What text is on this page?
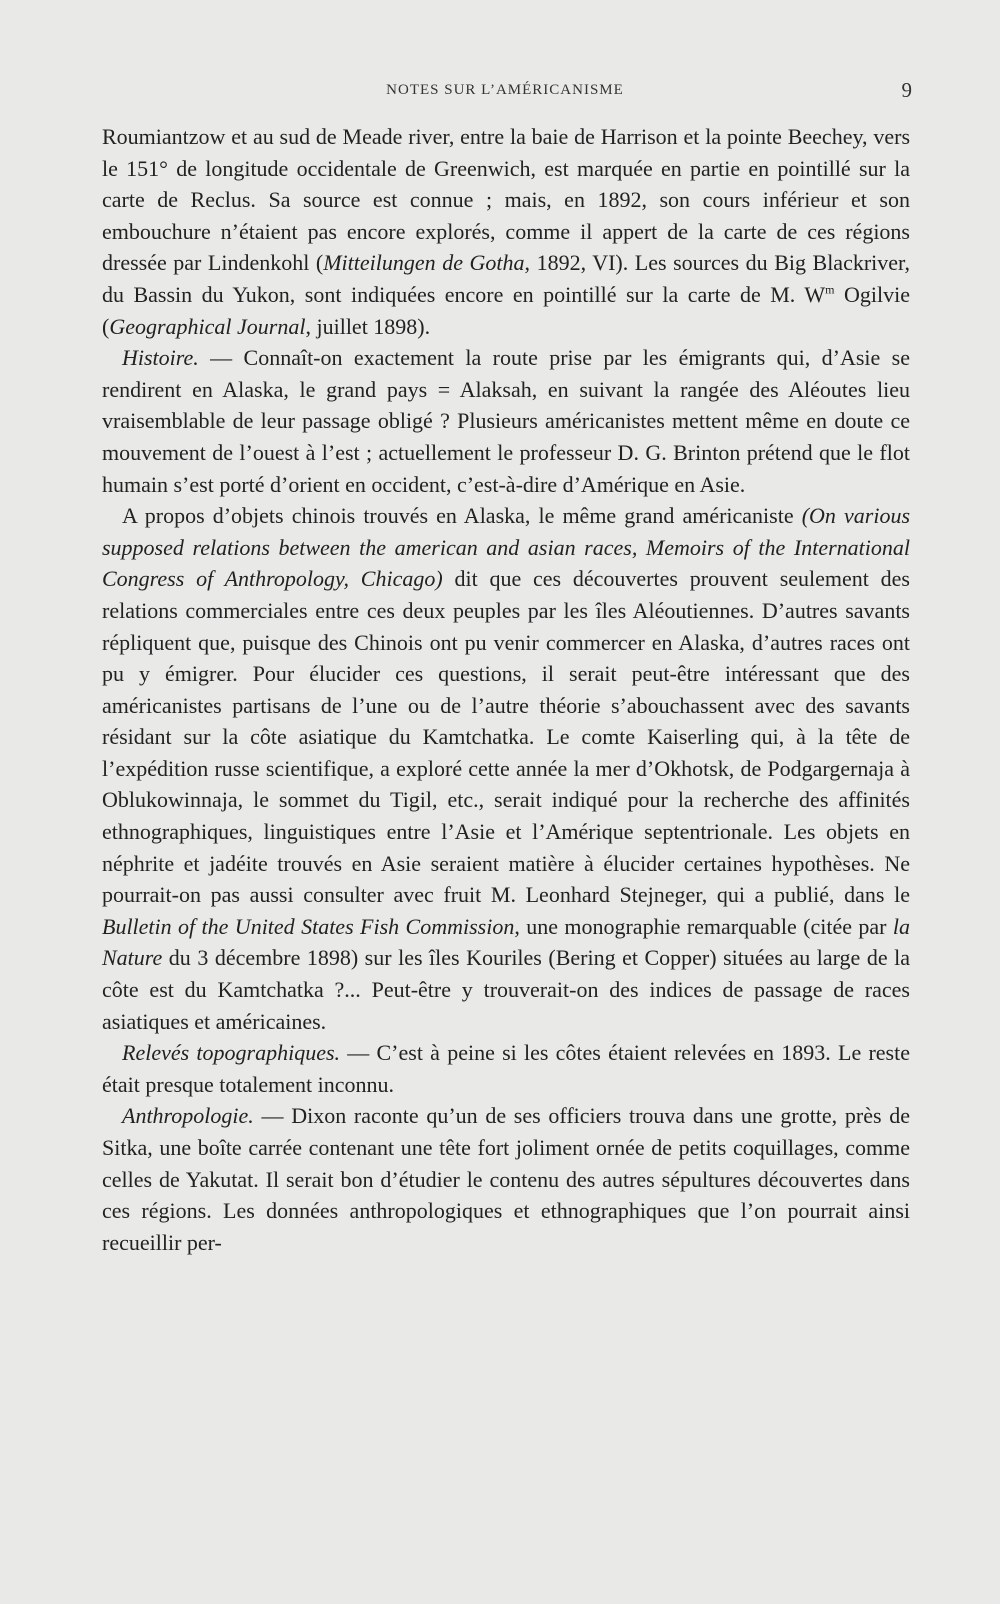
NOTES SUR L’AMÉRICANISME	9

Roumiantzow et au sud de Meade river, entre la baie de Harrison et la pointe Beechey, vers le 151° de longitude occidentale de Greenwich, est marquée en partie en pointillé sur la carte de Reclus. Sa source est connue ; mais, en 1892, son cours inférieur et son embouchure n’étaient pas encore explorés, comme il appert de la carte de ces régions dressée par Lindenkohl (Mitteilungen de Gotha, 1892, VI). Les sources du Big Blackriver, du Bassin du Yukon, sont indiquées encore en pointillé sur la carte de M. $W^m$ Ogilvie (Geographical Journal, juillet 1898).

Histoire. — Connaît-on exactement la route prise par les émigrants qui, d’Asie se rendirent en Alaska, le grand pays = Alaksah, en suivant la rangée des Aléoutes lieu vraisemblable de leur passage obligé ? Plusieurs américanistes mettent même en doute ce mouvement de l’ouest à l’est ; actuellement le professeur D. G. Brinton prétend que le flot humain s’est porté d’orient en occident, c’est-à-dire d’Amérique en Asie.

A propos d’objets chinois trouvés en Alaska, le même grand américaniste (On various supposed relations between the american and asian races, Memoirs of the International Congress of Anthropology, Chicago) dit que ces découvertes prouvent seulement des relations commerciales entre ces deux peuples par les îles Aléoutiennes. D’autres savants répliquent que, puisque des Chinois ont pu venir commercer en Alaska, d’autres races ont pu y émigrer. Pour élucider ces questions, il serait peut-être intéressant que des américanistes partisans de l’une ou de l’autre théorie s’abouchassent avec des savants résidant sur la côte asiatique du Kamtchatka. Le comte Kaiserling qui, à la tête de l’expédition russe scientifique, a exploré cette année la mer d’Okhotsk, de Podgargernaja à Oblukowinnaja, le sommet du Tigil, etc., serait indiqué pour la recherche des affinités ethnographiques, linguistiques entre l’Asie et l’Amérique septentrionale. Les objets en néphrite et jadéite trouvés en Asie seraient matière à élucider certaines hypothèses. Ne pourrait-on pas aussi consulter avec fruit M. Leonhard Stejneger, qui a publié, dans le Bulletin of the United States Fish Commission, une monographie remarquable (citée par la Nature du 3 décembre 1898) sur les îles Kouriles (Bering et Copper) situées au large de la côte est du Kamtchatka ?... Peut-être y trouverait-on des indices de passage de races asiatiques et américaines.

Relevés topographiques. — C’est à peine si les côtes étaient relevées en 1893. Le reste était presque totalement inconnu.

Anthropologie. — Dixon raconte qu’un de ses officiers trouva dans une grotte, près de Sitka, une boîte carrée contenant une tête fort joliment ornée de petits coquillages, comme celles de Yakutat. Il serait bon d’étudier le contenu des autres sépultures découvertes dans ces régions. Les données anthropologiques et ethnographiques que l’on pourrait ainsi recueillir per-
